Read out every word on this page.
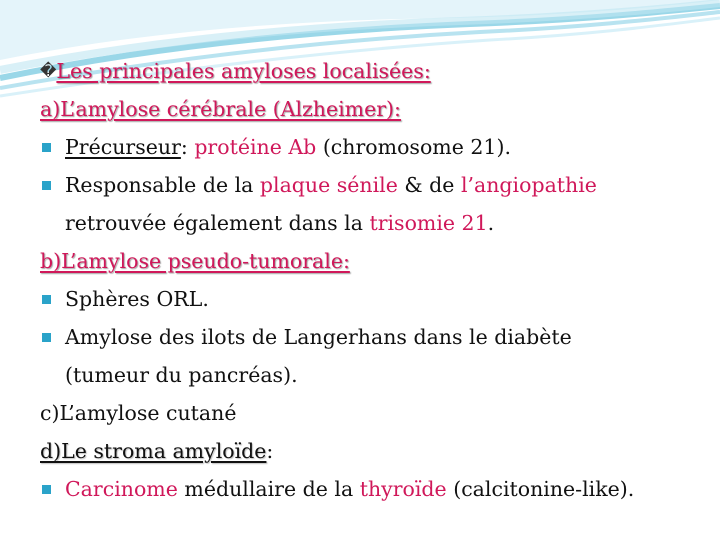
�Les principales amyloses localisées:
a)L’amylose cérébrale (Alzheimer):
Précurseur: protéine Ab (chromosome 21).
Responsable de la plaque sénile & de l’angiopathie
retrouvée également dans la trisomie 21.
b)L’amylose pseudo-tumorale:
Sphères ORL.
Amylose des ilots de Langerhans dans le diabète
(tumeur du pancréas).
c)L’amylose cutané
d)Le stroma amyloïde:
Carcinome médullaire de la thyroïde (calcitonine-like).
